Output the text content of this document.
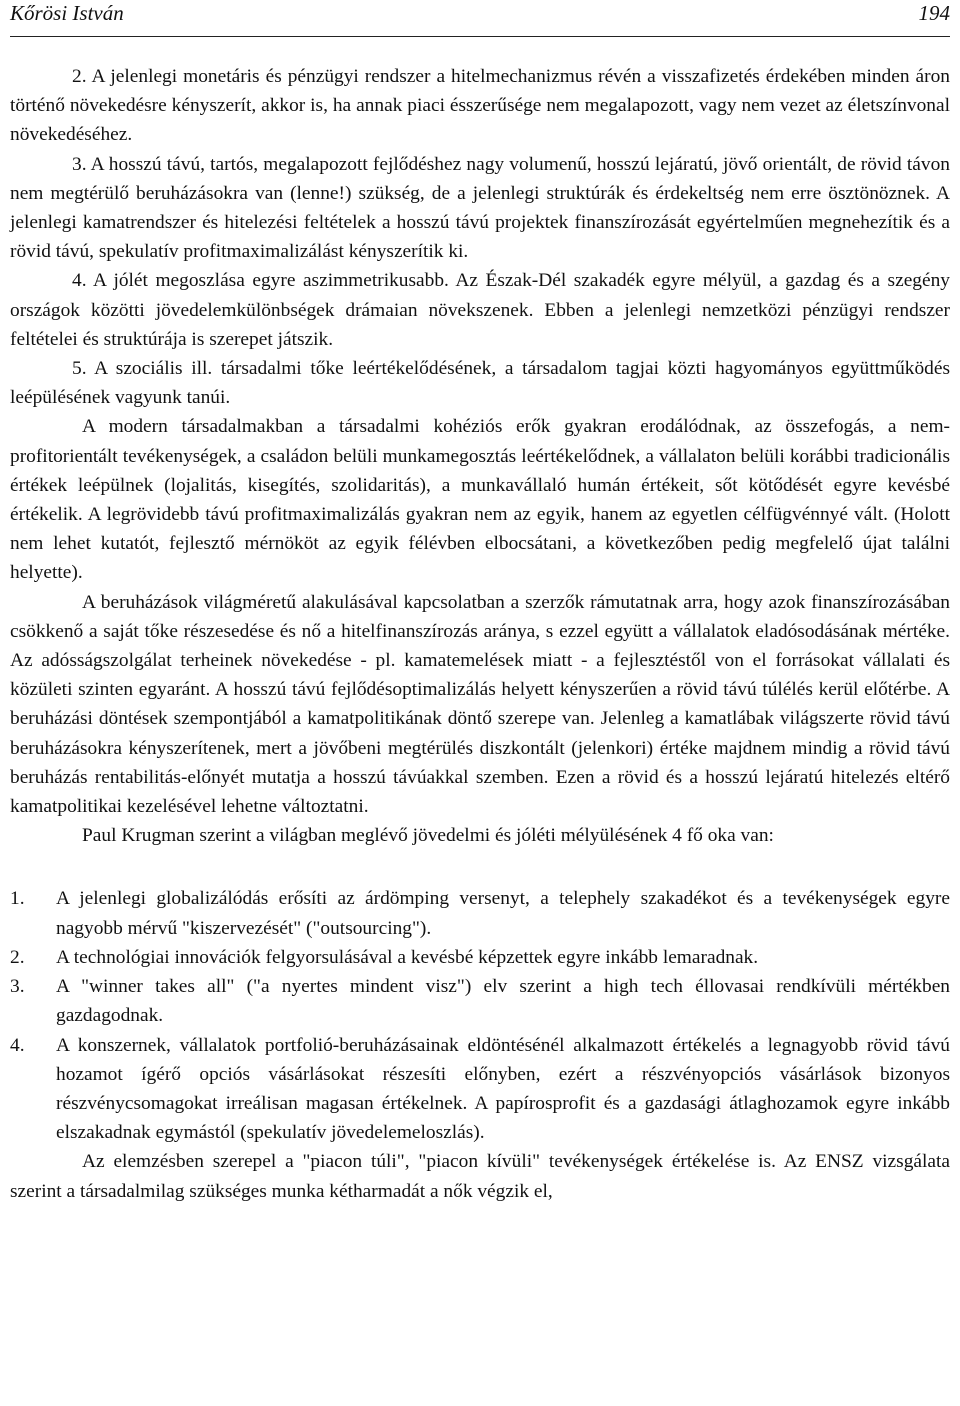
Kőrösi István	194

2. A jelenlegi monetáris és pénzügyi rendszer a hitelmechanizmus révén a visszafizetés érdekében minden áron történő növekedésre kényszerít, akkor is, ha annak piaci ésszerűsége nem megalapozott, vagy nem vezet az életszínvonal növekedéséhez.

3. A hosszú távú, tartós, megalapozott fejlődéshez nagy volumenű, hosszú lejáratú, jövő orientált, de rövid távon nem megtérülő beruházásokra van (lenne!) szükség, de a jelenlegi struktúrák és érdekeltség nem erre ösztönöznek. A jelenlegi kamatrendszer és hitelezési feltételek a hosszú távú projektek finanszírozását egyértelműen megnehezítik és a rövid távú, spekulatív profitmaximalizálást kényszerítik ki.

4. A jólét megoszlása egyre aszimmetrikusabb. Az Észak-Dél szakadék egyre mélyül, a gazdag és a szegény országok közötti jövedelemkülönbségek drámaian növekszenek. Ebben a jelenlegi nemzetközi pénzügyi rendszer feltételei és struktúrája is szerepet játszik.

5. A szociális ill. társadalmi tőke leértékelődésének, a társadalom tagjai közti hagyományos együttműködés leépülésének vagyunk tanúi.

A modern társadalmakban a társadalmi kohéziós erők gyakran erodálódnak, az összefogás, a nem-profitorientált tevékenységek, a családon belüli munkamegosztás leértékelődnek, a vállalaton belüli korábbi tradicionális értékek leépülnek (lojalitás, kisegítés, szolidaritás), a munkavállaló humán értékeit, sőt kötődését egyre kevésbé értékelik. A legrövidebb távú profitmaximalizálás gyakran nem az egyik, hanem az egyetlen célfügvénnyé vált. (Holott nem lehet kutatót, fejlesztő mérnököt az egyik félévben elbocsátani, a következőben pedig megfelelő újat találni helyette).

A beruházások világméretű alakulásával kapcsolatban a szerzők rámutatnak arra, hogy azok finanszírozásában csökkenő a saját tőke részesedése és nő a hitelfinanszírozás aránya, s ezzel együtt a vállalatok eladósodásának mértéke. Az adósságszolgálat terheinek növekedése - pl. kamatemelések miatt - a fejlesztéstől von el forrásokat vállalati és közületi szinten egyaránt. A hosszú távú fejlődésoptimalizálás helyett kényszerűen a rövid távú túlélés kerül előtérbe. A beruházási döntések szempontjából a kamatpolitikának döntő szerepe van. Jelenleg a kamatlábak világszerte rövid távú beruházásokra kényszerítenek, mert a jövőbeni megtérülés diszkontált (jelenkori) értéke majdnem mindig a rövid távú beruházás rentabilitás-előnyét mutatja a hosszú távúakkal szemben. Ezen a rövid és a hosszú lejáratú hitelezés eltérő kamatpolitikai kezelésével lehetne változtatni.

Paul Krugman szerint a világban meglévő jövedelmi és jóléti mélyülésének 4 fő oka van:

1. A jelenlegi globalizálódás erősíti az árdömping versenyt, a telephely szakadékot és a tevékenységek egyre nagyobb mérvű "kiszervezését" ("outsourcing").
2. A technológiai innovációk felgyorsulásával a kevésbé képzettek egyre inkább lemaradnak.
3. A "winner takes all" ("a nyertes mindent visz") elv szerint a high tech éllovasai rendkívüli mértékben gazdagodnak.
4. A konszernek, vállalatok portfolió-beruházásainak eldöntésénél alkalmazott értékelés a legnagyobb rövid távú hozamot ígérő opciós vásárlásokat részesíti előnyben, ezért a részvényopciós vásárlások bizonyos részvénycsomagokat irreálisan magasan értékelnek. A papírosprofit és a gazdasági átlaghozamok egyre inkább elszakadnak egymástól (spekulatív jövedelemeloszlás).

Az elemzésben szerepel a "piacon túli", "piacon kívüli" tevékenységek értékelése is. Az ENSZ vizsgálata szerint a társadalmilag szükséges munka kétharmadát a nők végzik el,
